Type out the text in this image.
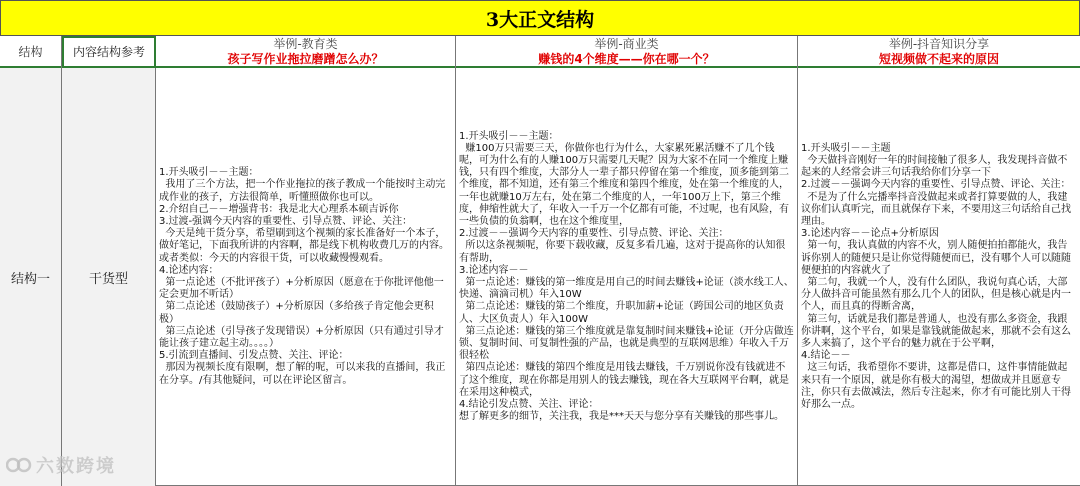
3大正文结构
结构	内容结构参考
举例-教育类
孩子写作业拖拉磨蹭怎么办？
举例-商业类
赚钱的4个维度——你在哪一个？
举例-抖音知识分享
短视频做不起来的原因
结构一	干货型
1.开头吸引－－主题：
我用了三个方法，把一个作业拖拉的孩子教成一个能按时主动完成作业的孩子，方法很简单，听懂照做你也可以。
2.介绍自己－－增强背书：我是北大心理系本硕吉诉你
3.过渡-强调今天内容的重要性、引导点赞、评论、关注：
今天是纯干货分享，希望刷到这个视频的家长准备好一个本子，做好笔记，下面我所讲的内容啊，都是线下机构收费几万的内容。或者类似：今天的内容很干货，可以收藏慢慢观看。
4.论述内容：
第一点论述（不批评孩子）+分析原因（愿意在于你批评他他一定会更加不听话）
第二点论述（鼓励孩子）+分析原因（多给孩子肯定他会更积极）
第三点论述（引导孩子发现错误）+分析原因（只有通过引导才能让孩子建立起主动。。。。）
5.引流到直播间、引发点赞、关注、评论：
那因为视频长度有限啊，想了解的呢，可以来我的直播间，我正在分享。/有其他疑问，可以在评论区留言。
1.开头吸引－－主题：
赚100万只需要三天，你做你也行为什么，大家累死累活赚不了几个钱呢，可为什么有的人赚100万只需要几天呢？因为大家不在同一个维度上赚钱，只有四个维度，大部分人一辈子都只停留在第一个维度，顶多能到第二个维度，都不知道，还有第三个维度和第四个维度，处在第一个维度的人，一年也就赚10万左右，处在第二个维度的人，一年100万上下，第三个维度，伸缩性就大了，年收入一千万一个亿都有可能，不过呢，也有风险，有一些负债的负翁啊，也在这个维度里，
2.过渡－－强调今天内容的重要性、引导点赞、评论、关注：
所以这条视频呢，你要下载收藏，反复多看几遍，这对于提高你的认知很有帮助，
3.论述内容－－
第一点论述：赚钱的第一维度是用自己的时间去赚钱+论证（淡水线工人、快递、滴滴司机）年入10W
第二点论述：赚钱的第二个维度，升职加薪+论证（跨国公司的地区负责人、大区负责人）年入100W
第三点论述：赚钱的第三个维度就是靠复制时间来赚钱+论证（开分店做连锁、复制时间、可复制性强的产品，也就是典型的互联网思维）年收入千万很轻松
第四点论述：赚钱的第四个维度是用钱去赚钱，千万别说你没有钱就进不了这个维度，现在你都是用别人的钱去赚钱，现在各大互联网平台啊，就是在采用这种模式，
4.结论引发点赞、关注、评论：
想了解更多的细节，关注我，我是***天天与您分享有关赚钱的那些事儿。
1.开头吸引－－主题
今天做抖音刚好一年的时间接触了很多人，我发现抖音做不起来的人经常会讲三句话我给你们分享一下
2.过渡－－强调今天内容的重要性、引导点赞、评论、关注：
不是为了什么完播率抖音没做起来或者打算要做的人，我建议你们认真听完，而且就保存下来，不要用这三句话给自己找理由。
3.论述内容－－论点+分析原因
第一句，我认真做的内容不火，别人随便拍拍都能火，我告诉你别人的随便只是让你觉得随便而已，没有哪个人可以随随便便拍的内容就火了
第二句，我就一个人，没有什么团队，我说句真心话，大部分人做抖音可能虽然有那么几个人的团队，但是核心就是内一个人，而且真的得断舍离，
第三句，话就是我们都是普通人，也没有那么多资金，我跟你讲啊，这个平台，如果是靠钱就能做起来，那就不会有这么多人来搞了，这个平台的魅力就在于公平啊，
4.结论－－
这三句话，我希望你不要讲，这都是借口，这件事情能做起来只有一个原因，就是你有极大的渴望，想做成并且愿意专注，你只有去做减法，然后专注起来，你才有可能比别人干得好那么一点。
六数跨境
